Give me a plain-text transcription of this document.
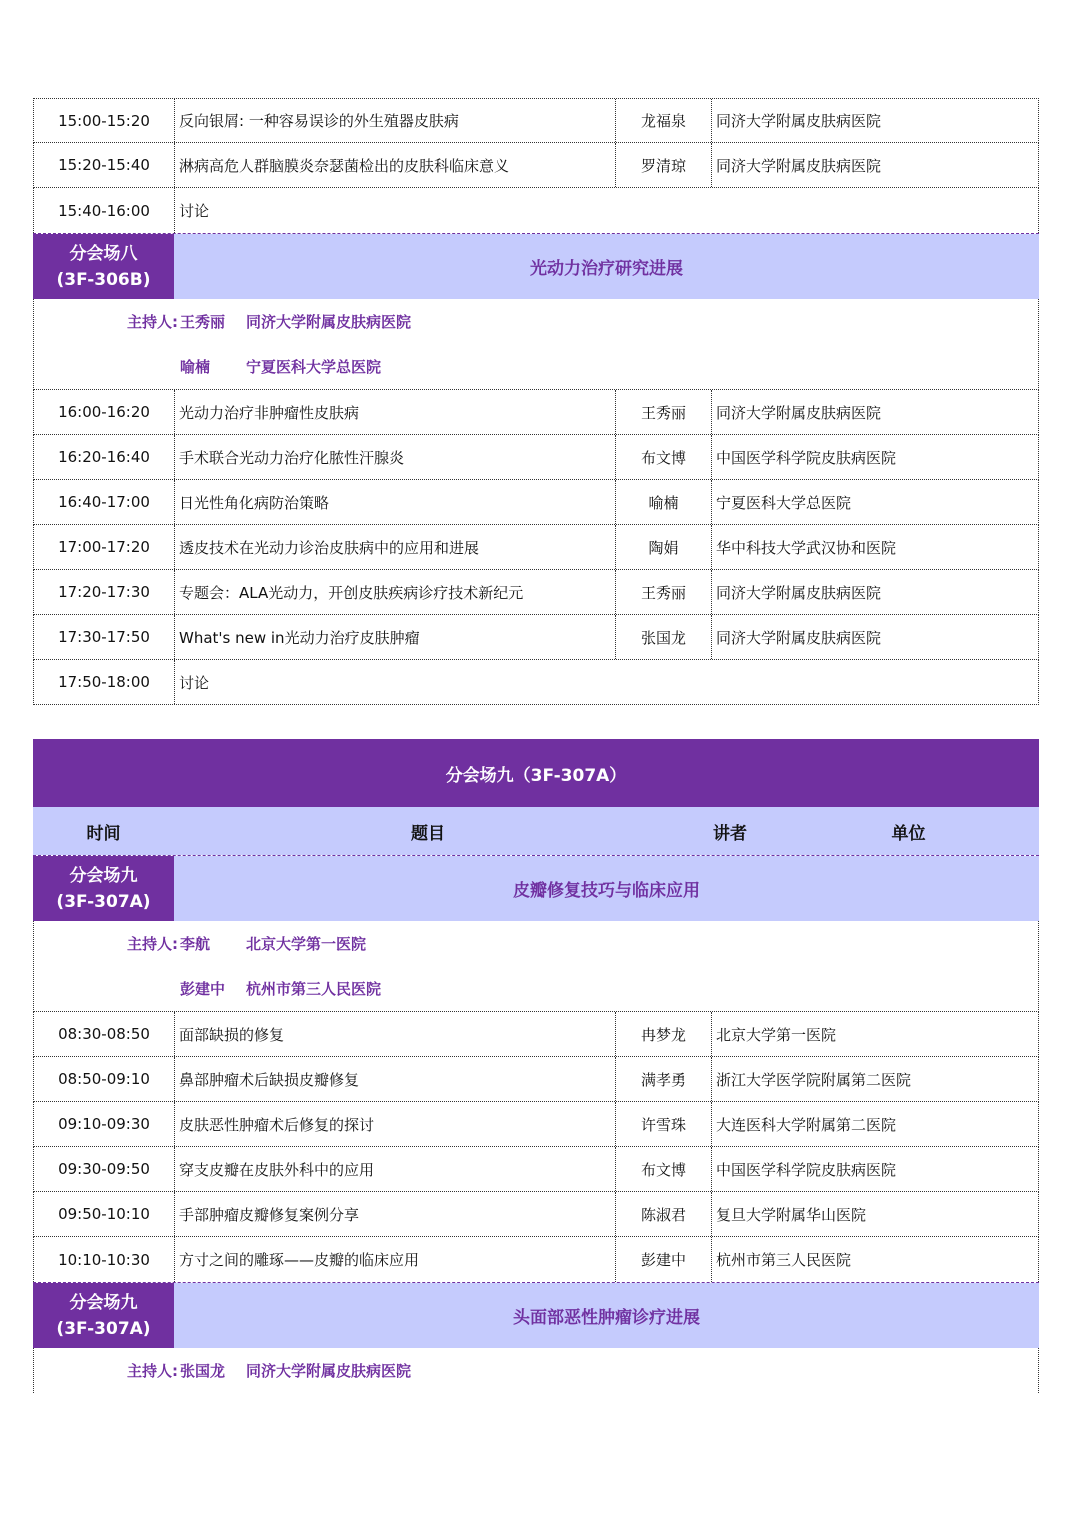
15:00-15:20	反向银屑: 一种容易误诊的外生殖器皮肤病	龙福泉	同济大学附属皮肤病医院
15:20-15:40	淋病高危人群脑膜炎奈瑟菌检出的皮肤科临床意义	罗清琼	同济大学附属皮肤病医院
15:40-16:00	讨论
分会场八
(3F-306B)
光动力治疗研究进展
主持人: 王秀丽	同济大学附属皮肤病医院
喻楠	宁夏医科大学总医院
16:00-16:20	光动力治疗非肿瘤性皮肤病	王秀丽	同济大学附属皮肤病医院
16:20-16:40	手术联合光动力治疗化脓性汗腺炎	布文博	中国医学科学院皮肤病医院
16:40-17:00	日光性角化病防治策略	喻楠	宁夏医科大学总医院
17:00-17:20	透皮技术在光动力诊治皮肤病中的应用和进展	陶娟	华中科技大学武汉协和医院
17:20-17:30	专题会：ALA光动力，开创皮肤疾病诊疗技术新纪元	王秀丽	同济大学附属皮肤病医院
17:30-17:50	What's new in光动力治疗皮肤肿瘤	张国龙	同济大学附属皮肤病医院
17:50-18:00	讨论
分会场九（3F-307A）
时间	题目	讲者	单位
分会场九
(3F-307A)
皮瓣修复技巧与临床应用
主持人: 李航	北京大学第一医院
彭建中	杭州市第三人民医院
08:30-08:50	面部缺损的修复	冉梦龙	北京大学第一医院
08:50-09:10	鼻部肿瘤术后缺损皮瓣修复	满孝勇	浙江大学医学院附属第二医院
09:10-09:30	皮肤恶性肿瘤术后修复的探讨	许雪珠	大连医科大学附属第二医院
09:30-09:50	穿支皮瓣在皮肤外科中的应用	布文博	中国医学科学院皮肤病医院
09:50-10:10	手部肿瘤皮瓣修复案例分享	陈淑君	复旦大学附属华山医院
10:10-10:30	方寸之间的雕琢——皮瓣的临床应用	彭建中	杭州市第三人民医院
分会场九
(3F-307A)
头面部恶性肿瘤诊疗进展
主持人: 张国龙	同济大学附属皮肤病医院
